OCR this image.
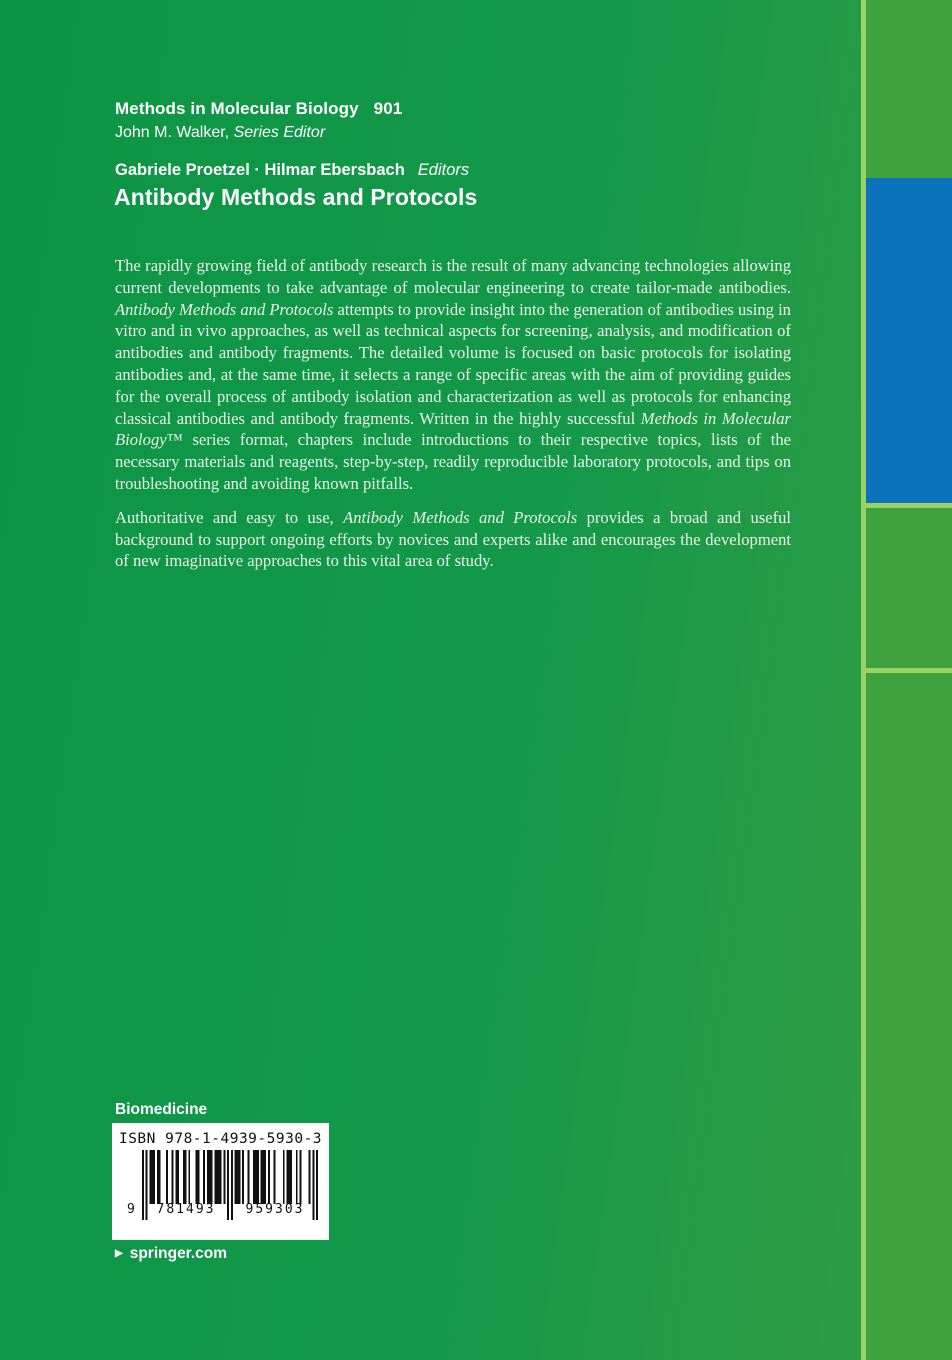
Methods in Molecular Biology 901
John M. Walker, Series Editor
Gabriele Proetzel · Hilmar Ebersbach Editors
Antibody Methods and Protocols

The rapidly growing field of antibody research is the result of many advancing technologies allowing current developments to take advantage of molecular engineering to create tailor-made antibodies. Antibody Methods and Protocols attempts to provide insight into the generation of antibodies using in vitro and in vivo approaches, as well as technical aspects for screening, analysis, and modification of antibodies and antibody fragments. The detailed volume is focused on basic protocols for isolating antibodies and, at the same time, it selects a range of specific areas with the aim of providing guides for the overall process of antibody isolation and characterization as well as protocols for enhancing classical antibodies and antibody fragments. Written in the highly successful Methods in Molecular Biology™ series format, chapters include introductions to their respective topics, lists of the necessary materials and reagents, step-by-step, readily reproducible laboratory protocols, and tips on troubleshooting and avoiding known pitfalls.

Authoritative and easy to use, Antibody Methods and Protocols provides a broad and useful background to support ongoing efforts by novices and experts alike and encourages the development of new imaginative approaches to this vital area of study.

Biomedicine
ISBN 978-1-4939-5930-3
9	781493	959303
▶ springer.com
